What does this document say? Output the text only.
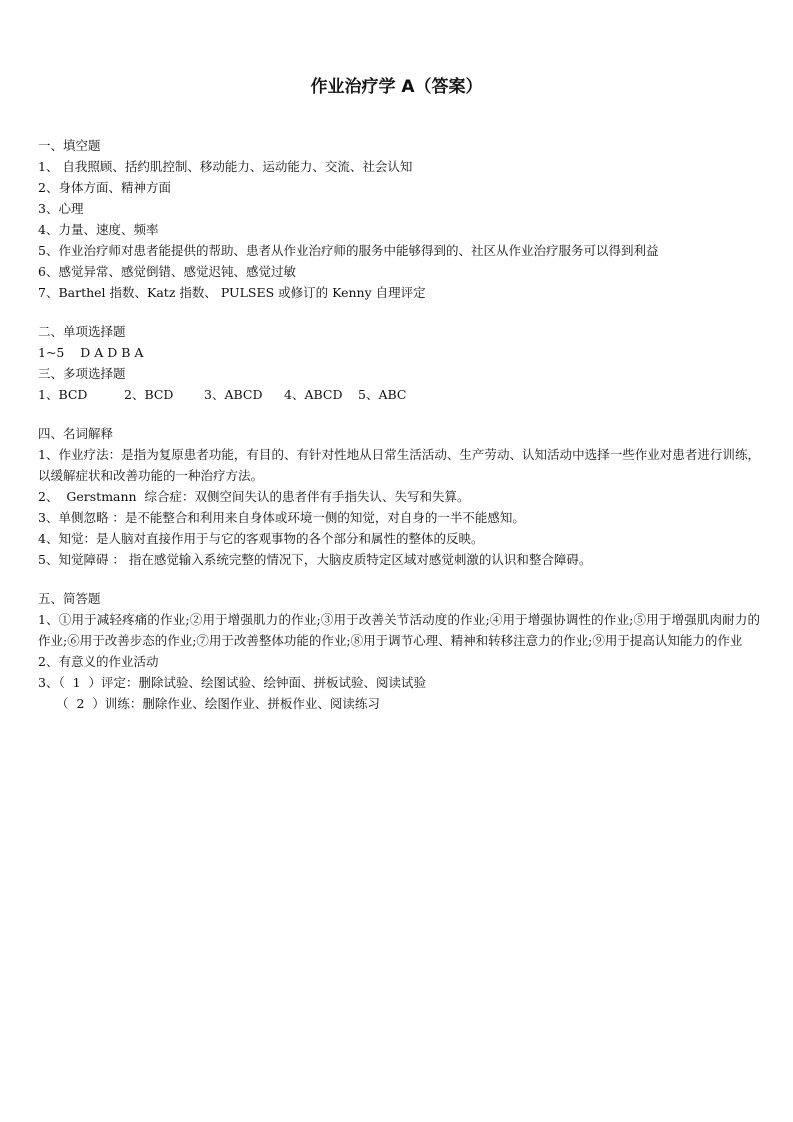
作业治疗学 A（答案）
一、填空题
1、 自我照顾、括约肌控制、移动能力、运动能力、交流、社会认知
2、身体方面、精神方面
3、心理
4、力量、速度、频率
5、作业治疗师对患者能提供的帮助、患者从作业治疗师的服务中能够得到的、社区从作业治疗服务可以得到利益
6、感觉异常、感觉倒错、感觉迟钝、感觉过敏
7、Barthel 指数、Katz 指数、 PULSES 或修订的 Kenny 自理评定
二、单项选择题
1~5    D A D B A
三、多项选择题
1、BCD	2、BCD 3、ABCD 4、ABCD 5、ABC
四、名词解释
1、作业疗法：是指为复原患者功能，有目的、有针对性地从日常生活活动、生产劳动、认知活动中选择一些作业对患者进行训练，以缓解症状和改善功能的一种治疗方法。
2、  Gerstmann  综合症：双侧空间失认的患者伴有手指失认、失写和失算。
3、单侧忽略 ：是不能整合和利用来自身体或环境一侧的知觉，对自身的一半不能感知。
4、知觉：是人脑对直接作用于与它的客观事物的各个部分和属性的整体的反映。
5、知觉障碍 ： 指在感觉输入系统完整的情况下，大脑皮质特定区域对感觉刺激的认识和整合障碍。
五、简答题
1、①用于减轻疼痛的作业;②用于增强肌力的作业;③用于改善关节活动度的作业;④用于增强协调性的作业;⑤用于增强肌肉耐力的作业;⑥用于改善步态的作业;⑦用于改善整体功能的作业;⑧用于调节心理、精神和转移注意力的作业;⑨用于提高认知能力的作业
2、有意义的作业活动
3、（  1  ）评定：删除试验、绘图试验、绘钟面、拼板试验、阅读试验
（  2  ）训练：删除作业、绘图作业、拼板作业、阅读练习
